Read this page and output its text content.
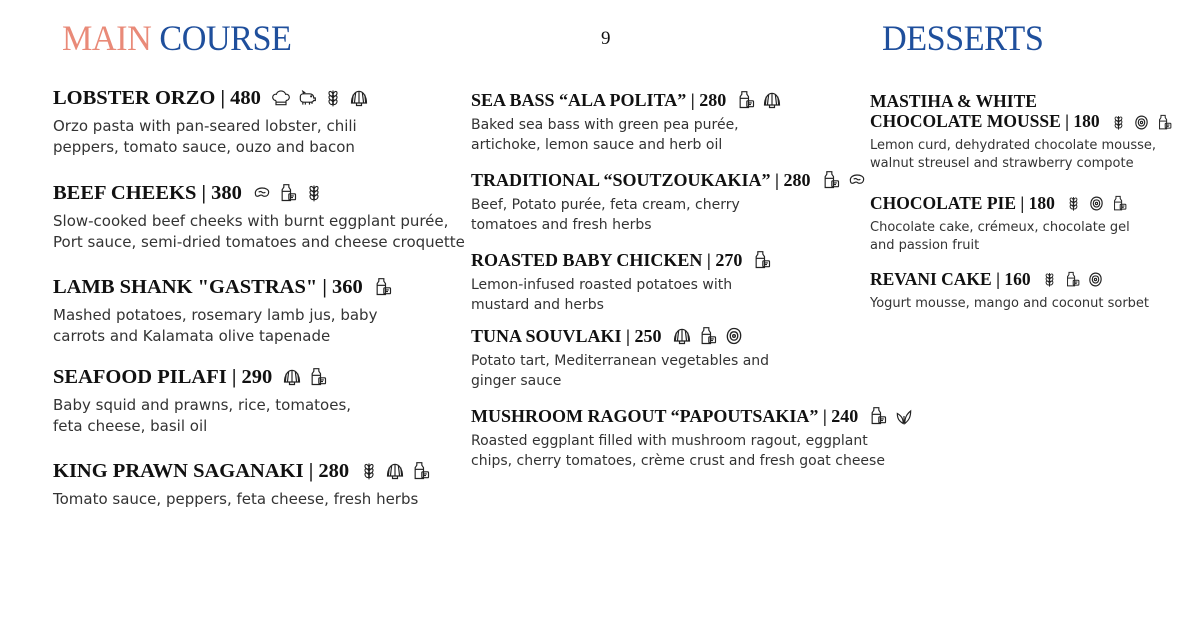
MAIN COURSE	9	DESSERTS
LOBSTER ORZO | 480

Orzo pasta with pan-seared lobster, chili
peppers, tomato sauce, ouzo and bacon

BEEF CHEEKS | 380

Slow-cooked beef cheeks with burnt eggplant purée,
Port sauce, semi-dried tomatoes and cheese croquette

LAMB SHANK "GASTRAS" | 360

Mashed potatoes, rosemary lamb jus, baby
carrots and Kalamata olive tapenade

SEAFOOD PILAFI | 290

Baby squid and prawns, rice, tomatoes,
feta cheese, basil oil

KING PRAWN SAGANAKI | 280

Tomato sauce, peppers, feta cheese, fresh herbs

SEA BASS “ALA POLITA” | 280

Baked sea bass with green pea purée,
artichoke, lemon sauce and herb oil

TRADITIONAL “SOUTZOUKAKIA” | 280

Beef, Potato purée, feta cream, cherry
tomatoes and fresh herbs

ROASTED BABY CHICKEN | 270

Lemon-infused roasted potatoes with
mustard and herbs

TUNA SOUVLAKI | 250

Potato tart, Mediterranean vegetables and
ginger sauce

MUSHROOM RAGOUT “PAPOUTSAKIA” | 240

Roasted eggplant filled with mushroom ragout, eggplant
chips, cherry tomatoes, crème crust and fresh goat cheese

MASTIHA & WHITE
CHOCOLATE MOUSSE | 180

Lemon curd, dehydrated chocolate mousse,
walnut streusel and strawberry compote

CHOCOLATE PIE | 180

Chocolate cake, crémeux, chocolate gel
and passion fruit

REVANI CAKE | 160

Yogurt mousse, mango and coconut sorbet
